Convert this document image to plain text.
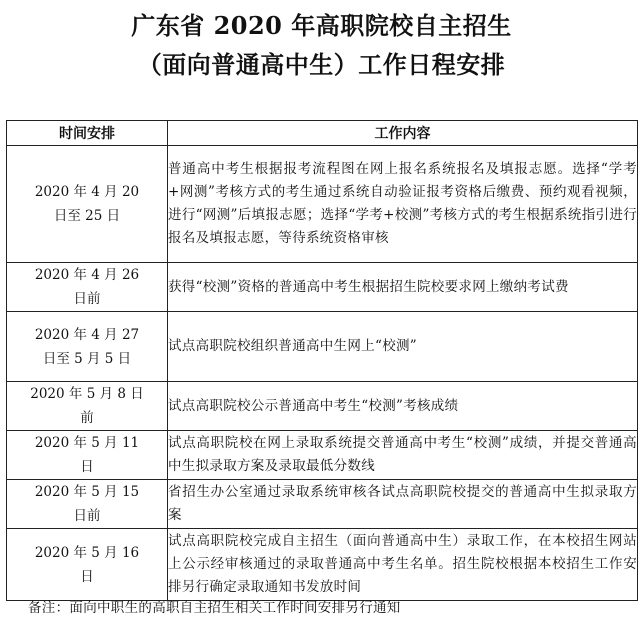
广东省 2020 年高职院校自主招生
（面向普通高中生）工作日程安排
时间安排	工作内容
2020 年 4 月 20 日至 25 日	普通高中考生根据报考流程图在网上报名系统报名及填报志愿。选择“学考+网测”考核方式的考生通过系统自动验证报考资格后缴费、预约观看视频，进行“网测”后填报志愿；选择“学考+校测”考核方式的考生根据系统指引进行报名及填报志愿，等待系统资格审核
2020 年 4 月 26 日前	获得“校测”资格的普通高中考生根据招生院校要求网上缴纳考试费
2020 年 4 月 27 日至 5 月 5 日	试点高职院校组织普通高中生网上“校测”
2020 年 5 月 8 日前	试点高职院校公示普通高中考生“校测”考核成绩
2020 年 5 月 11 日	试点高职院校在网上录取系统提交普通高中考生“校测”成绩，并提交普通高中生拟录取方案及录取最低分数线
2020 年 5 月 15 日前	省招生办公室通过录取系统审核各试点高职院校提交的普通高中生拟录取方案
2020 年 5 月 16 日	试点高职院校完成自主招生（面向普通高中生）录取工作，在本校招生网站上公示经审核通过的录取普通高中考生名单。招生院校根据本校招生工作安排另行确定录取通知书发放时间
备注：面向中职生的高职自主招生相关工作时间安排另行通知
